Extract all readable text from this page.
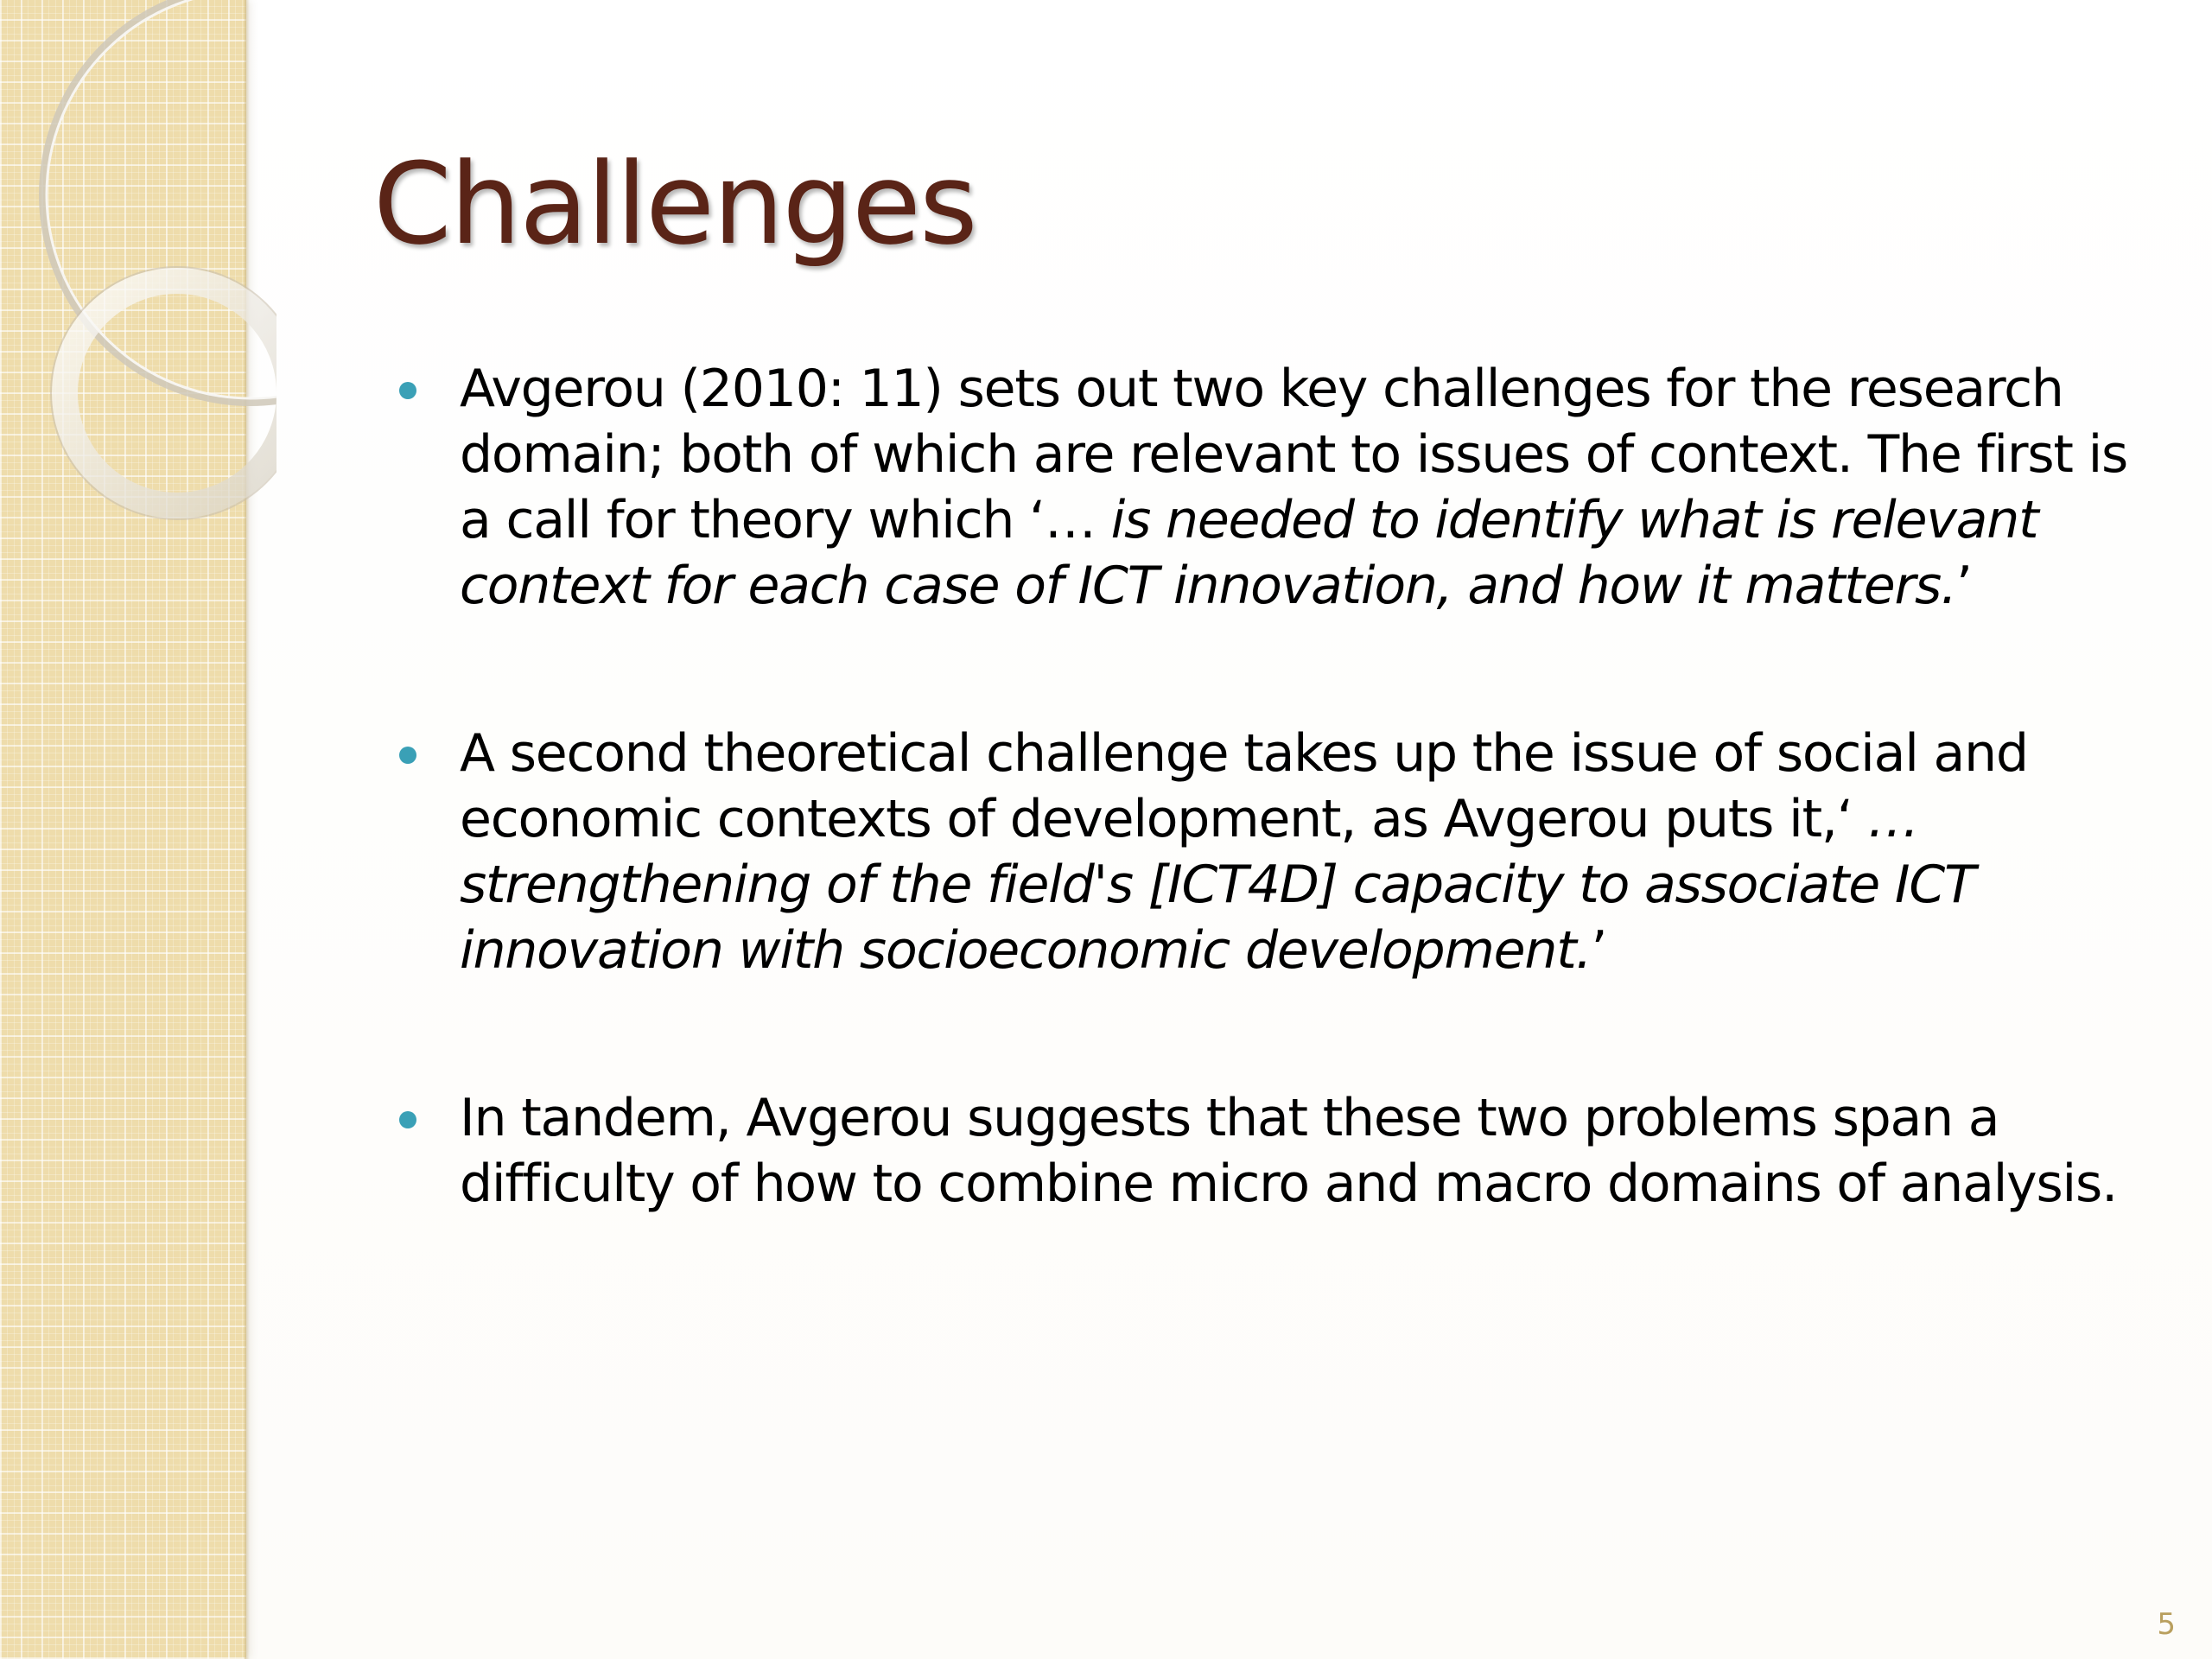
Challenges
Avgerou (2010: 11) sets out two key challenges for the research domain; both of which are relevant to issues of context. The first is a call for theory which ‘… is needed to identify what is relevant context for each case of ICT innovation, and how it matters.’
A second theoretical challenge takes up the issue of social and economic contexts of development, as Avgerou puts it,‘ … strengthening of the field's [ICT4D] capacity to associate ICT innovation with socioeconomic development.’
In tandem, Avgerou suggests that these two problems span a difficulty of how to combine micro and macro domains of analysis.
5
